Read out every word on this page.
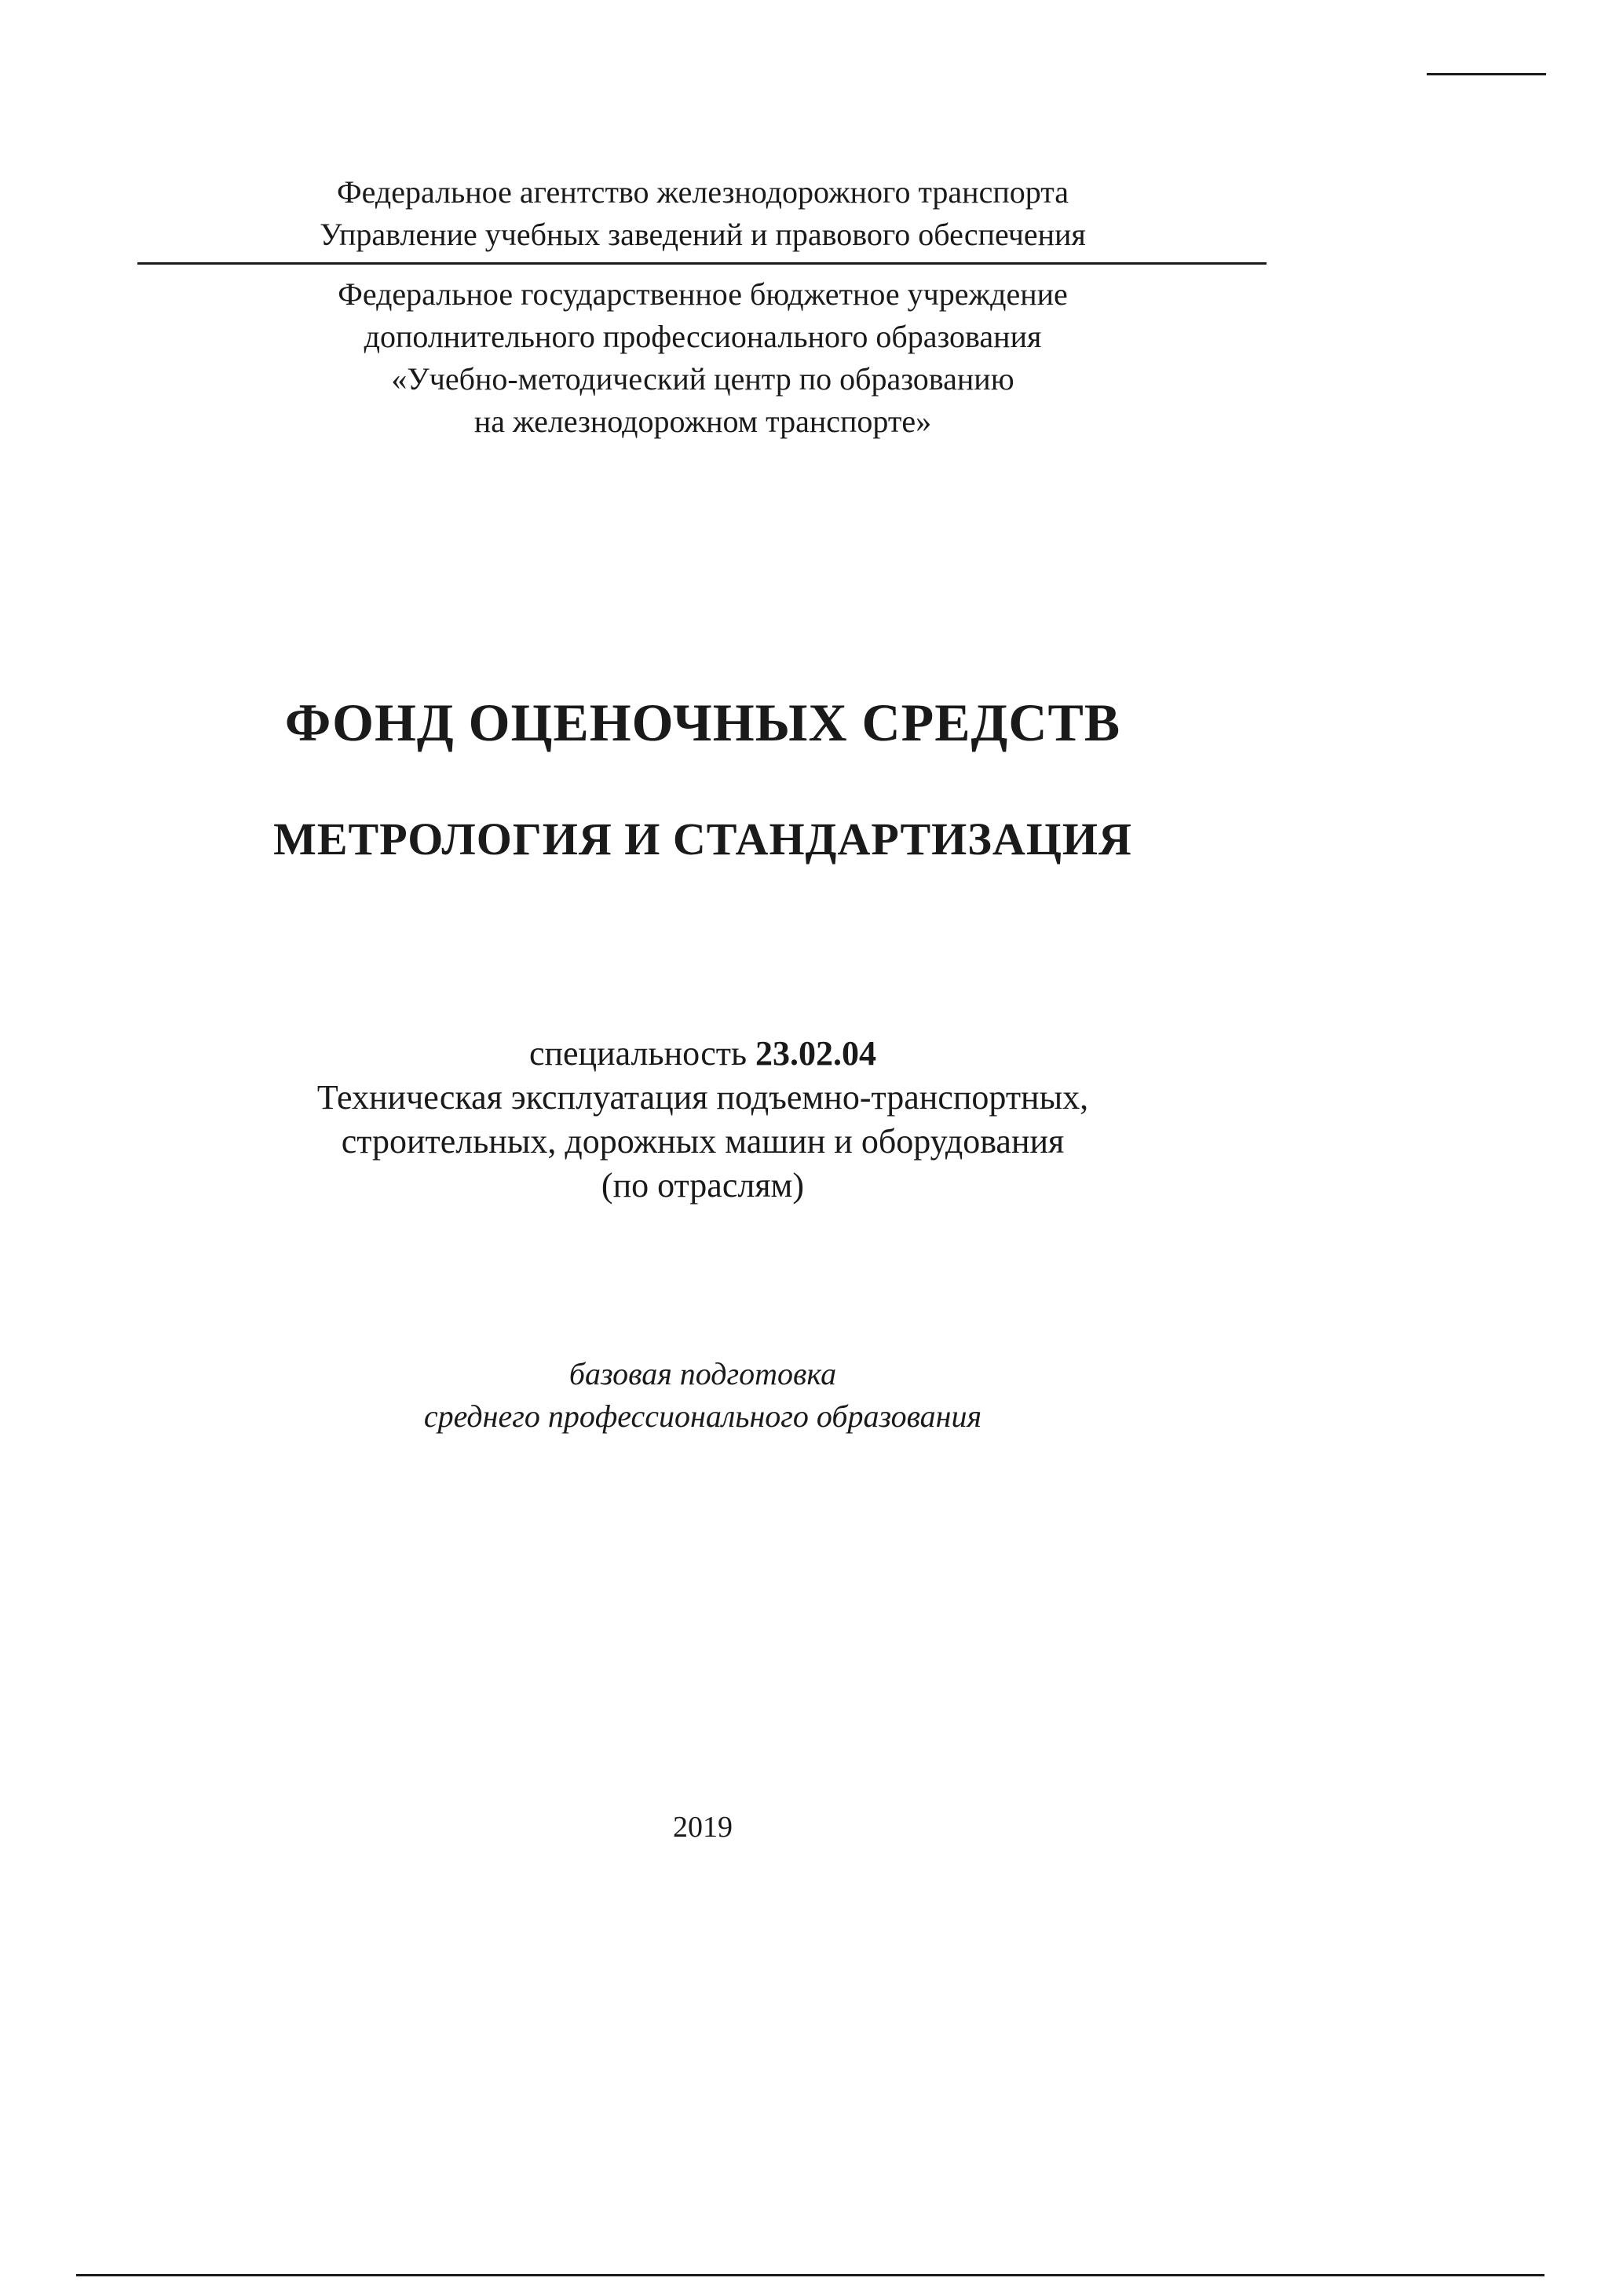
Федеральное агентство железнодорожного транспорта
Управление учебных заведений и правового обеспечения
Федеральное государственное бюджетное учреждение
дополнительного профессионального образования
«Учебно-методический центр по образованию
на железнодорожном транспорте»
ФОНД ОЦЕНОЧНЫХ СРЕДСТВ
МЕТРОЛОГИЯ И СТАНДАРТИЗАЦИЯ
специальность 23.02.04
Техническая эксплуатация подъемно-транспортных,
строительных, дорожных машин и оборудования
(по отраслям)
базовая подготовка
среднего профессионального образования
2019
